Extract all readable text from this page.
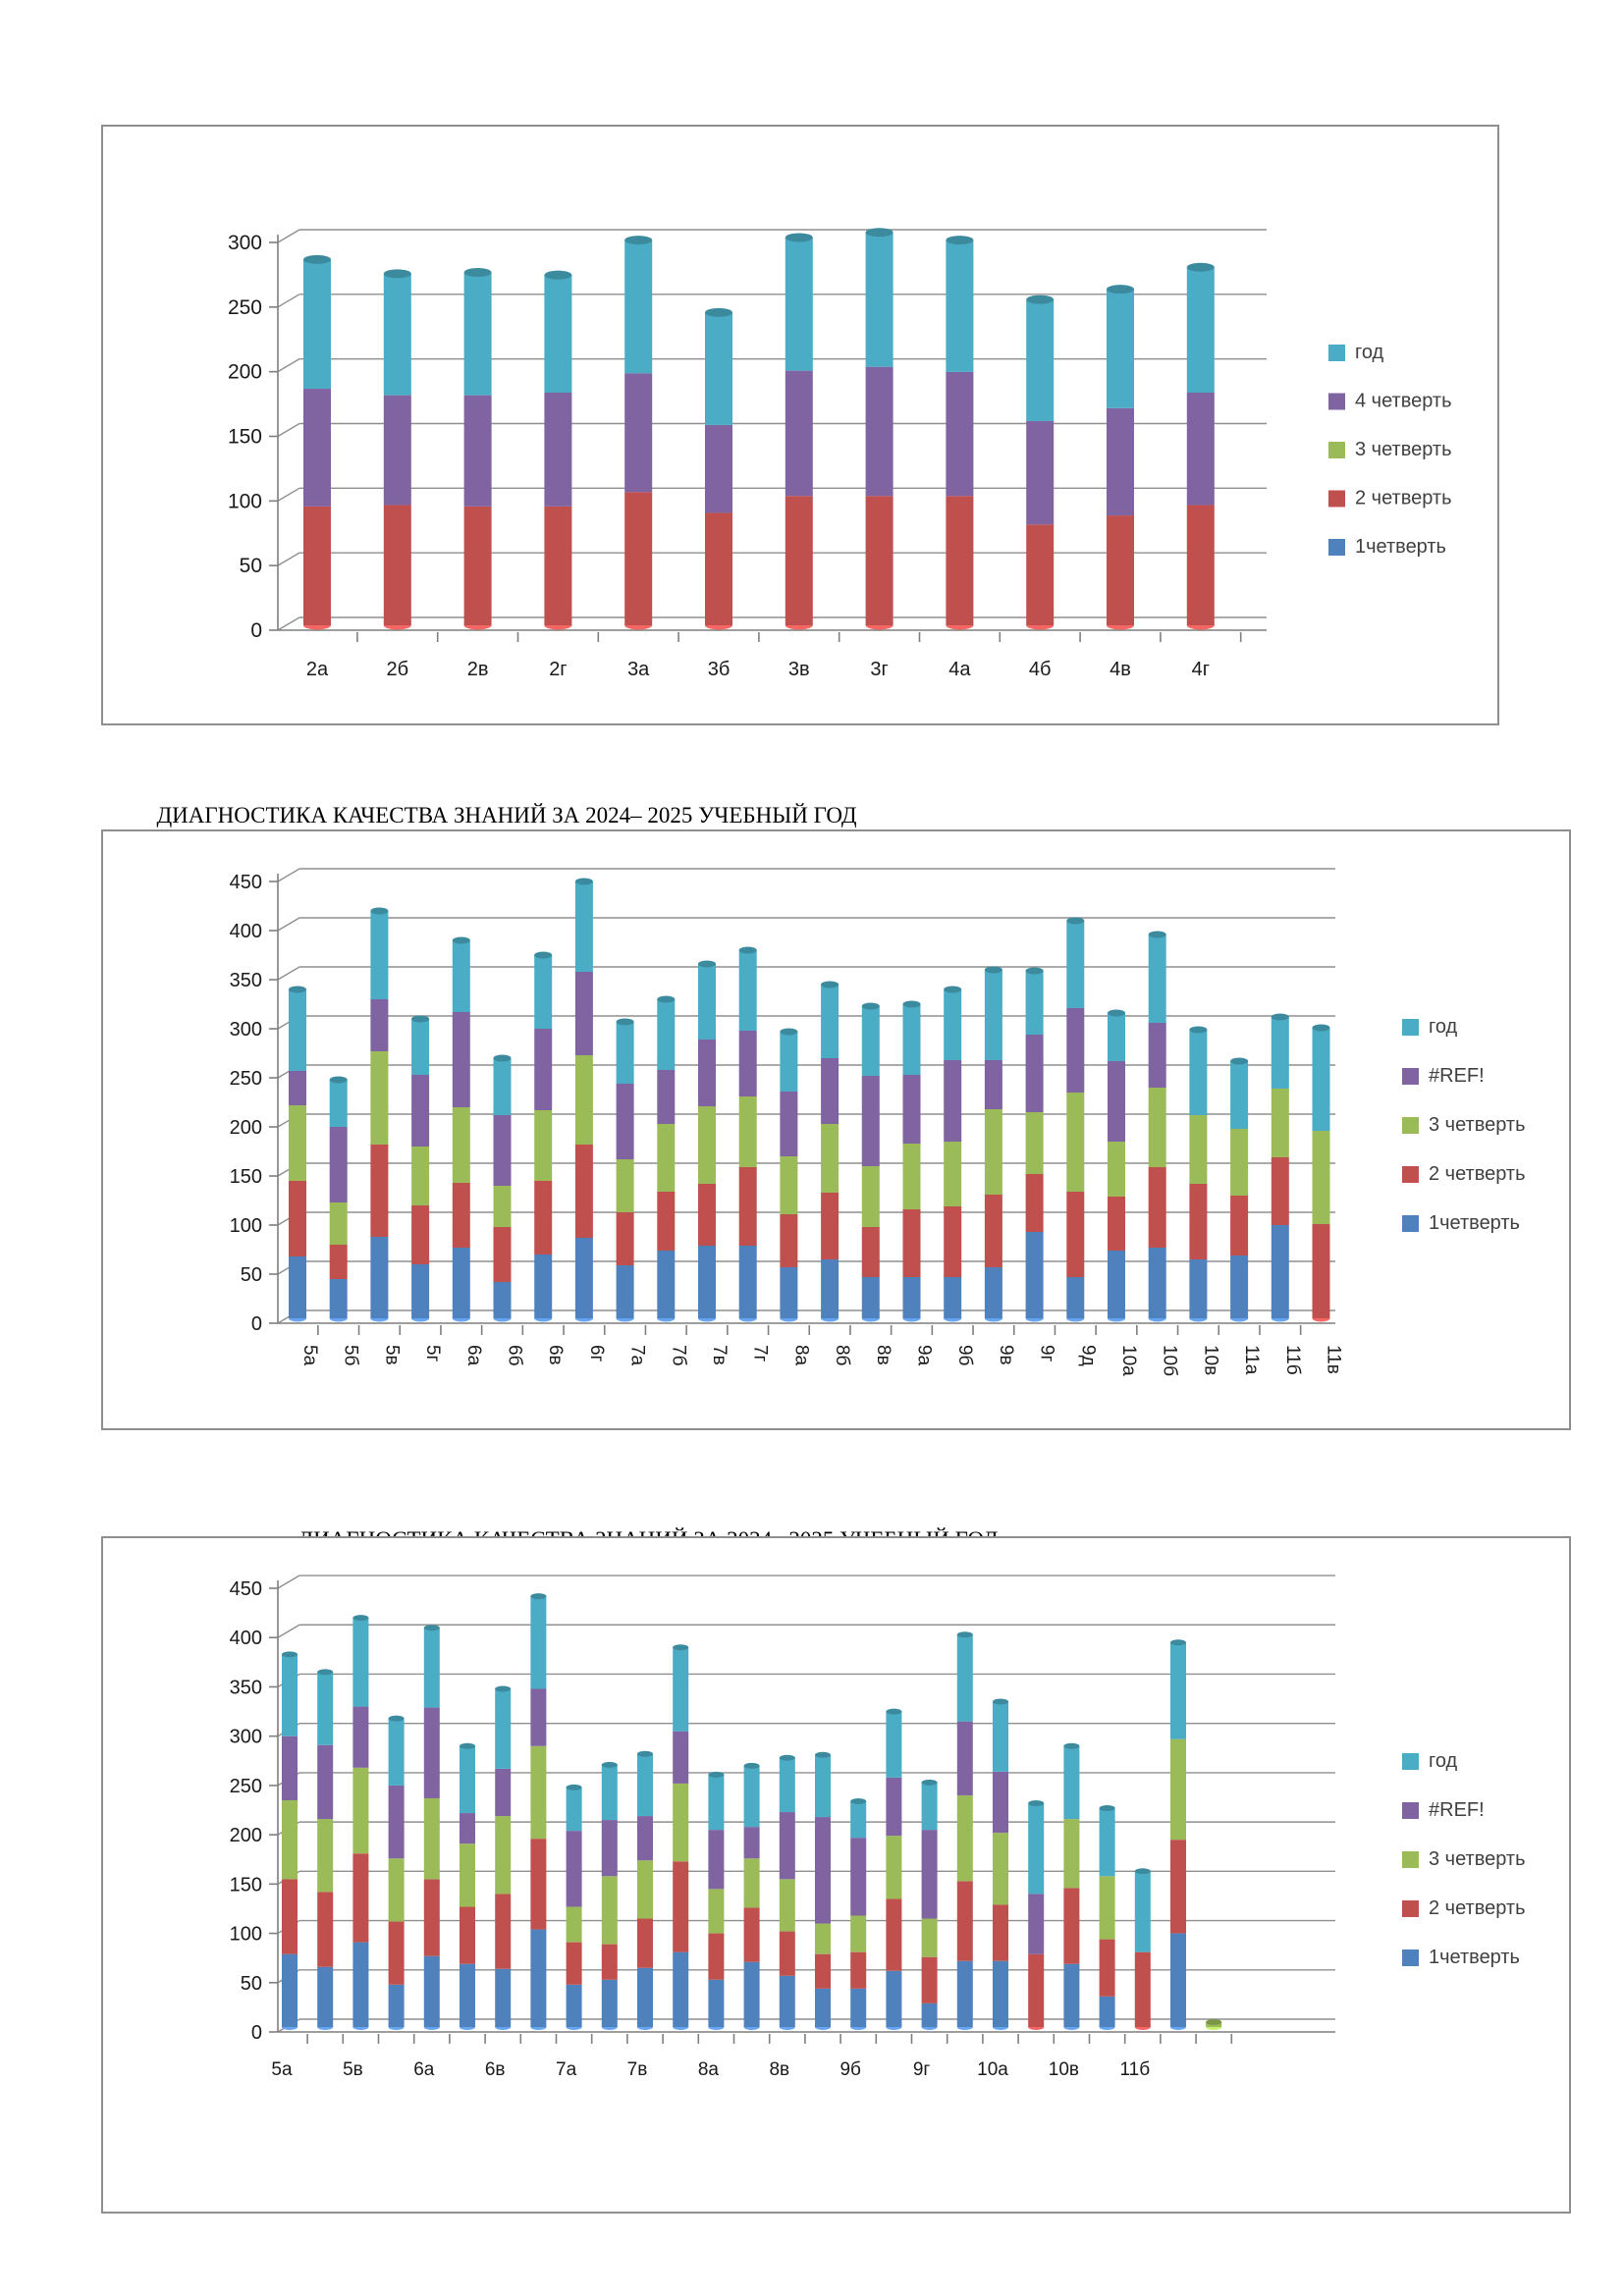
0
50
100
150
200
250
300
2а	2б	2в	2г	3а	3б	3в	3г	4а	4б	4в	4г
год
4 четверть
3 четверть
2 четверть
1четверть

ДИАГНОСТИКА КАЧЕСТВА ЗНАНИЙ ЗА 2024– 2025 УЧЕБНЫЙ ГОД

0
50
100
150
200
250
300
350
400
450
5а 5б 5в 5г 6а 6б 6в 6г 7а 7б 7в 7г 8а 8б 8в 9а 9б 9в 9г 9д 10а 10б 10в 11а 11б 11в
год
#REF!
3 четверть
2 четверть
1четверть

0
50
100
150
200
250
300
350
400
450
5а	5в	6а	6в	7а	7в	8а	8в	9б	9г	10а 10в 11б
год
#REF!
3 четверть
2 четверть
1четверть
